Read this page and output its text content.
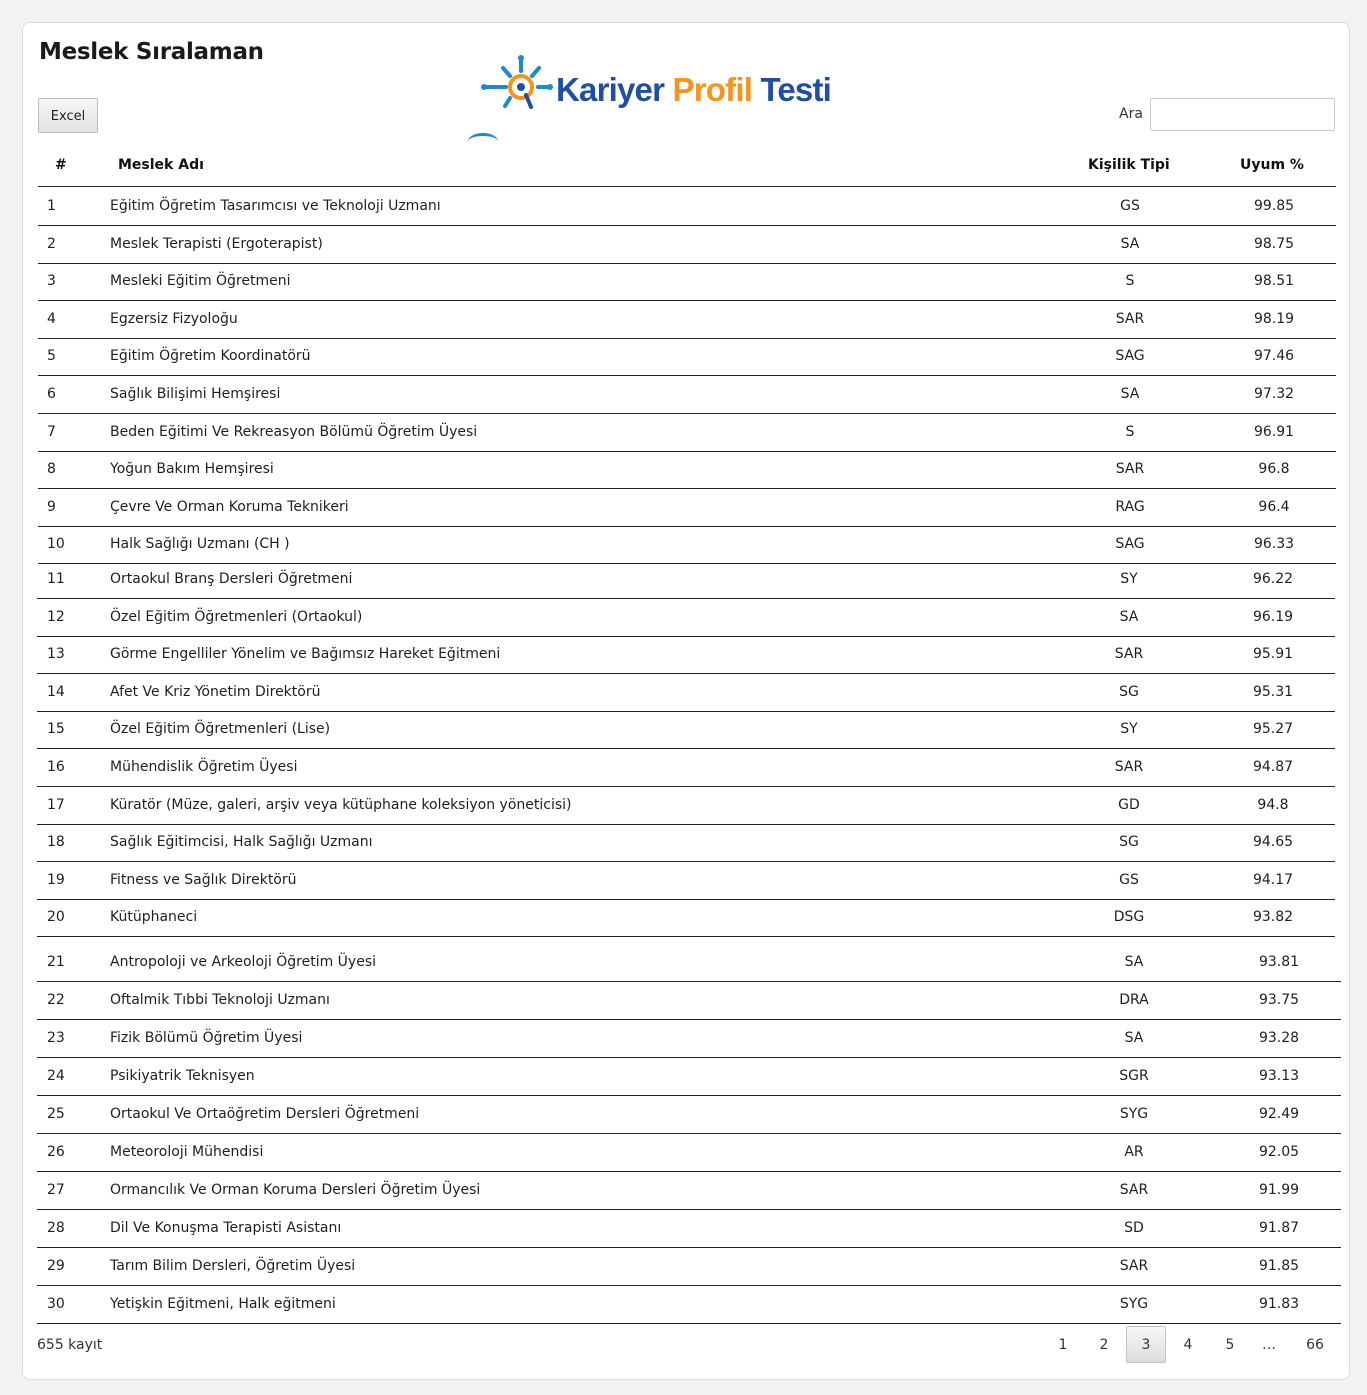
Meslek Sıralaman
Kariyer Profil Testi
Excel	Ara
#	Meslek Adı	Kişilik Tipi	Uyum %
1	Eğitim Öğretim Tasarımcısı ve Teknoloji Uzmanı	GS	99.85
2	Meslek Terapisti (Ergoterapist)	SA	98.75
3	Mesleki Eğitim Öğretmeni	S	98.51
4	Egzersiz Fizyoloğu	SAR	98.19
5	Eğitim Öğretim Koordinatörü	SAG	97.46
6	Sağlık Bilişimi Hemşiresi	SA	97.32
7	Beden Eğitimi Ve Rekreasyon Bölümü Öğretim Üyesi	S	96.91
8	Yoğun Bakım Hemşiresi	SAR	96.8
9	Çevre Ve Orman Koruma Teknikeri	RAG	96.4
10	Halk Sağlığı Uzmanı (CH )	SAG	96.33
11	Ortaokul Branş Dersleri Öğretmeni	SY	96.22
12	Özel Eğitim Öğretmenleri (Ortaokul)	SA	96.19
13	Görme Engelliler Yönelim ve Bağımsız Hareket Eğitmeni	SAR	95.91
14	Afet Ve Kriz Yönetim Direktörü	SG	95.31
15	Özel Eğitim Öğretmenleri (Lise)	SY	95.27
16	Mühendislik Öğretim Üyesi	SAR	94.87
17	Küratör (Müze, galeri, arşiv veya kütüphane koleksiyon yöneticisi)	GD	94.8
18	Sağlık Eğitimcisi, Halk Sağlığı Uzmanı	SG	94.65
19	Fitness ve Sağlık Direktörü	GS	94.17
20	Kütüphaneci	DSG	93.82
21	Antropoloji ve Arkeoloji Öğretim Üyesi	SA	93.81
22	Oftalmik Tıbbi Teknoloji Uzmanı	DRA	93.75
23	Fizik Bölümü Öğretim Üyesi	SA	93.28
24	Psikiyatrik Teknisyen	SGR	93.13
25	Ortaokul Ve Ortaöğretim Dersleri Öğretmeni	SYG	92.49
26	Meteoroloji Mühendisi	AR	92.05
27	Ormancılık Ve Orman Koruma Dersleri Öğretim Üyesi	SAR	91.99
28	Dil Ve Konuşma Terapisti Asistanı	SD	91.87
29	Tarım Bilim Dersleri, Öğretim Üyesi	SAR	91.85
30	Yetişkin Eğitmeni, Halk eğitmeni	SYG	91.83
655 kayıt	1	2	3	4	5	…	66
